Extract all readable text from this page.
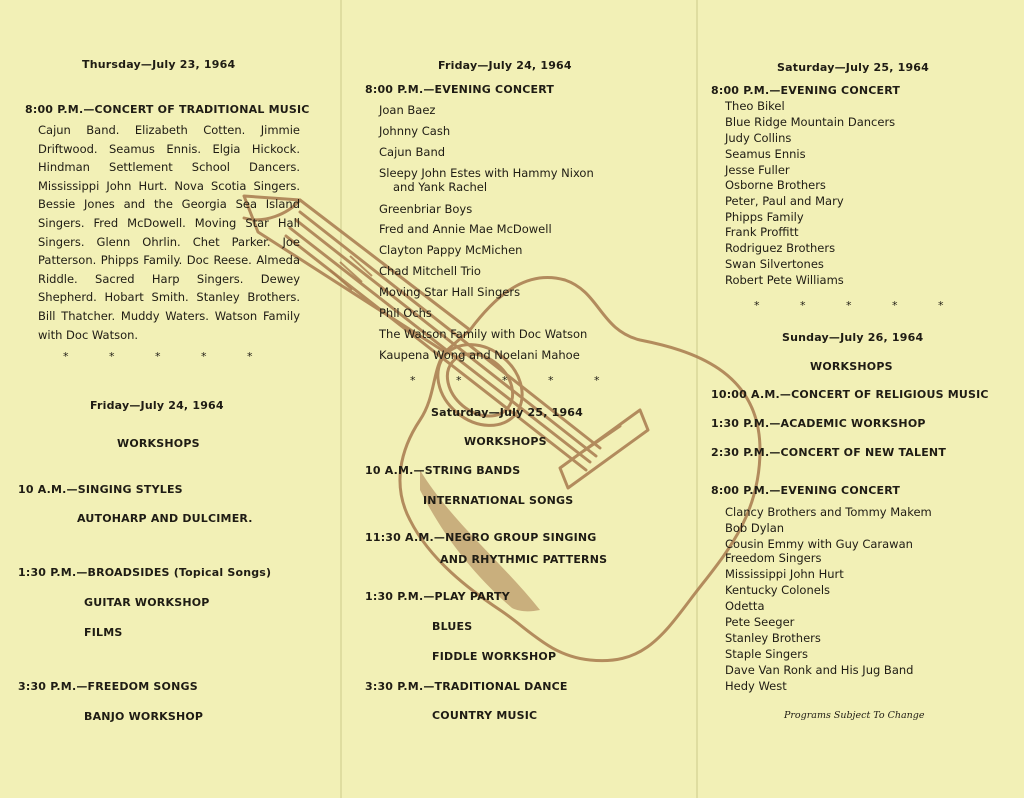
Thursday—July 23, 1964
8:00 P.M.—CONCERT OF TRADITIONAL MUSIC
Cajun Band. Elizabeth Cotten. Jimmie Driftwood. Seamus Ennis. Elgia Hickock. Hindman Settlement School Dancers. Mississippi John Hurt. Nova Scotia Singers. Bessie Jones and the Georgia Sea Island Singers. Fred McDowell. Moving Star Hall Singers. Glenn Ohrlin. Chet Parker. Joe Patterson. Phipps Family. Doc Reese. Almeda Riddle. Sacred Harp Singers. Dewey Shepherd. Hobart Smith. Stanley Brothers. Bill Thatcher. Muddy Waters. Watson Family with Doc Watson.
*	*	*	*	*
Friday—July 24, 1964
WORKSHOPS
10 A.M.—SINGING STYLES
AUTOHARP AND DULCIMER.
1:30 P.M.—BROADSIDES (Topical Songs)
GUITAR WORKSHOP
FILMS
3:30 P.M.—FREEDOM SONGS
BANJO WORKSHOP
Friday—July 24, 1964
8:00 P.M.—EVENING CONCERT
Joan Baez
Johnny Cash
Cajun Band
Sleepy John Estes with Hammy Nixon
and Yank Rachel
Greenbriar Boys
Fred and Annie Mae McDowell
Clayton Pappy McMichen
Chad Mitchell Trio
Moving Star Hall Singers
Phil Ochs
The Watson Family with Doc Watson
Kaupena Wong and Noelani Mahoe
*	*	*	*	*
Saturday—July 25, 1964
WORKSHOPS
10 A.M.—STRING BANDS
INTERNATIONAL SONGS
11:30 A.M.—NEGRO GROUP SINGING
AND RHYTHMIC PATTERNS
1:30 P.M.—PLAY PARTY
BLUES
FIDDLE WORKSHOP
3:30 P.M.—TRADITIONAL DANCE
COUNTRY MUSIC
Saturday—July 25, 1964
8:00 P.M.—EVENING CONCERT
Theo Bikel
Blue Ridge Mountain Dancers
Judy Collins
Seamus Ennis
Jesse Fuller
Osborne Brothers
Peter, Paul and Mary
Phipps Family
Frank Proffitt
Rodriguez Brothers
Swan Silvertones
Robert Pete Williams
*	*	*	*	*
Sunday—July 26, 1964
WORKSHOPS
10:00 A.M.—CONCERT OF RELIGIOUS MUSIC
1:30 P.M.—ACADEMIC WORKSHOP
2:30 P.M.—CONCERT OF NEW TALENT
8:00 P.M.—EVENING CONCERT
Clancy Brothers and Tommy Makem
Bob Dylan
Cousin Emmy with Guy Carawan
Freedom Singers
Mississippi John Hurt
Kentucky Colonels
Odetta
Pete Seeger
Stanley Brothers
Staple Singers
Dave Van Ronk and His Jug Band
Hedy West
Programs Subject To Change
